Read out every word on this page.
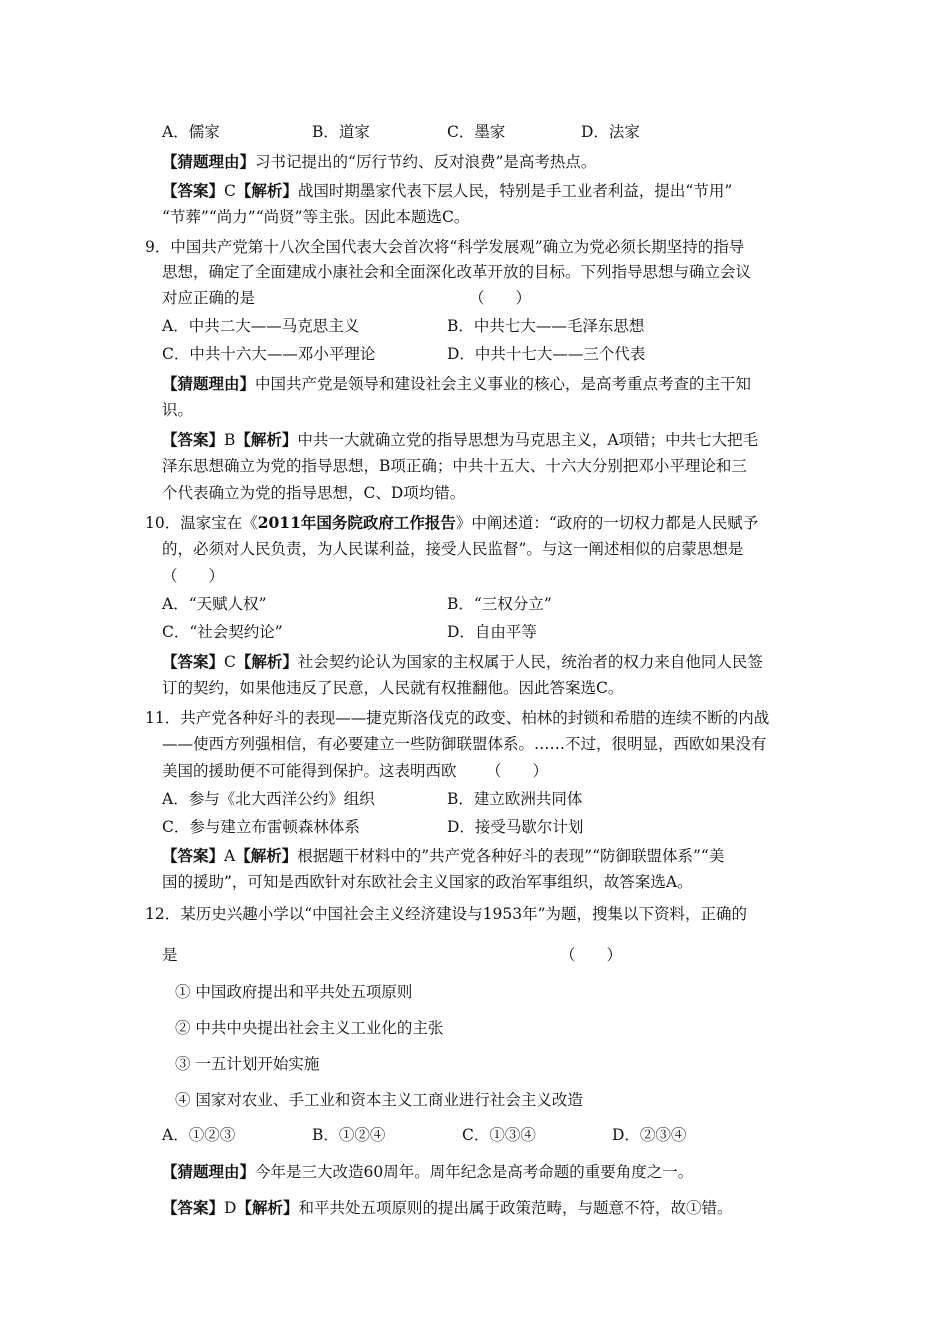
A．儒家	B．道家	C．墨家	D．法家
【猜题理由】习书记提出的“厉行节约、反对浪费”是高考热点。
【答案】C【解析】战国时期墨家代表下层人民，特别是手工业者利益，提出“节用”
“节葬”“尚力”“尚贤”等主张。因此本题选C。
9．中国共产党第十八次全国代表大会首次将“科学发展观”确立为党必须长期坚持的指导
思想，确定了全面建成小康社会和全面深化改革开放的目标。下列指导思想与确立会议
对应正确的是	（　　）
A．中共二大——马克思主义	B．中共七大——毛泽东思想
C．中共十六大——邓小平理论	D．中共十七大——三个代表
【猜题理由】中国共产党是领导和建设社会主义事业的核心，是高考重点考查的主干知
识。
【答案】B【解析】中共一大就确立党的指导思想为马克思主义，A项错；中共七大把毛
泽东思想确立为党的指导思想，B项正确；中共十五大、十六大分别把邓小平理论和三
个代表确立为党的指导思想，C、D项均错。
10．温家宝在《2011年国务院政府工作报告》中阐述道：“政府的一切权力都是人民赋予
的，必须对人民负责，为人民谋利益，接受人民监督”。与这一阐述相似的启蒙思想是
（　　）
A．“天赋人权”	B．“三权分立”
C．“社会契约论”	D．自由平等
【答案】C【解析】社会契约论认为国家的主权属于人民，统治者的权力来自他同人民签
订的契约，如果他违反了民意，人民就有权推翻他。因此答案选C。
11．共产党各种好斗的表现——捷克斯洛伐克的政变、柏林的封锁和希腊的连续不断的内战
——使西方列强相信，有必要建立一些防御联盟体系。……不过，很明显，西欧如果没有
美国的援助便不可能得到保护。这表明西欧 （　　）
A．参与《北大西洋公约》组织	B．建立欧洲共同体
C．参与建立布雷顿森林体系	D．接受马歇尔计划
【答案】A【解析】根据题干材料中的”共产党各种好斗的表现”“防御联盟体系”“美
国的援助”，可知是西欧针对东欧社会主义国家的政治军事组织，故答案选A。
12．某历史兴趣小学以“中国社会主义经济建设与1953年”为题，搜集以下资料，正确的
是	（　　）
① 中国政府提出和平共处五项原则
② 中共中央提出社会主义工业化的主张
③ 一五计划开始实施
④ 国家对农业、手工业和资本主义工商业进行社会主义改造
A．①②③	B．①②④	C．①③④	D．②③④
【猜题理由】今年是三大改造60周年。周年纪念是高考命题的重要角度之一。
【答案】D【解析】和平共处五项原则的提出属于政策范畴，与题意不符，故①错。
